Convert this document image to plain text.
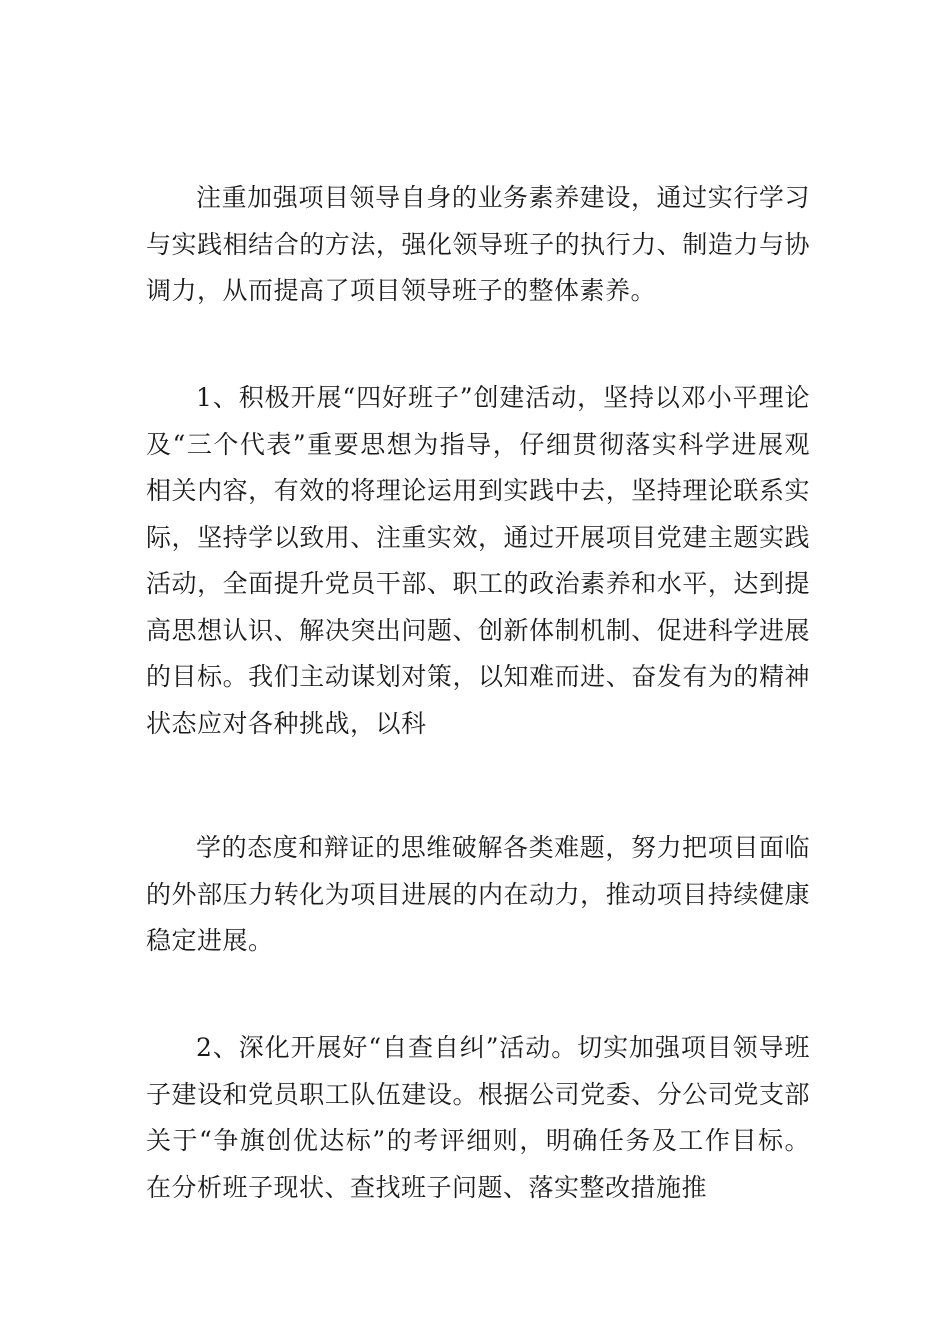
注重加强项目领导自身的业务素养建设，通过实行学习与实践相结合的方法，强化领导班子的执行力、制造力与协调力，从而提高了项目领导班子的整体素养。

1、积极开展“四好班子”创建活动，坚持以邓小平理论及“三个代表”重要思想为指导，仔细贯彻落实科学进展观相关内容，有效的将理论运用到实践中去，坚持理论联系实际，坚持学以致用、注重实效，通过开展项目党建主题实践活动，全面提升党员干部、职工的政治素养和水平，达到提高思想认识、解决突出问题、创新体制机制、促进科学进展的目标。我们主动谋划对策，以知难而进、奋发有为的精神状态应对各种挑战，以科

学的态度和辩证的思维破解各类难题，努力把项目面临的外部压力转化为项目进展的内在动力，推动项目持续健康稳定进展。

2、深化开展好“自查自纠”活动。切实加强项目领导班子建设和党员职工队伍建设。根据公司党委、分公司党支部关于“争旗创优达标”的考评细则，明确任务及工作目标。在分析班子现状、查找班子问题、落实整改措施推
